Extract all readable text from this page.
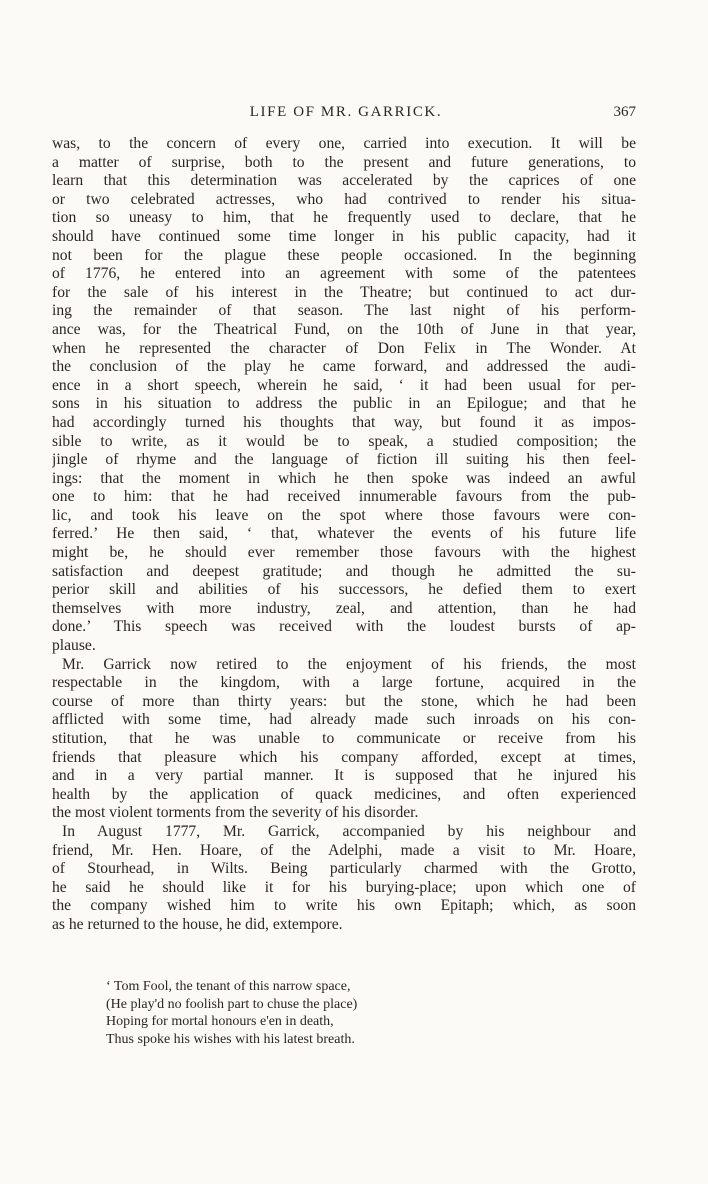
LIFE OF MR. GARRICK.	367
was, to the concern of every one, carried into execution. It will be
a matter of surprise, both to the present and future generations, to
learn that this determination was accelerated by the caprices of one
or two celebrated actresses, who had contrived to render his situa-
tion so uneasy to him, that he frequently used to declare, that he
should have continued some time longer in his public capacity, had it
not been for the plague these people occasioned. In the beginning
of 1776, he entered into an agreement with some of the patentees
for the sale of his interest in the Theatre; but continued to act dur-
ing the remainder of that season. The last night of his perform-
ance was, for the Theatrical Fund, on the 10th of June in that year,
when he represented the character of Don Felix in The Wonder. At
the conclusion of the play he came forward, and addressed the audi-
ence in a short speech, wherein he said, ‘ it had been usual for per-
sons in his situation to address the public in an Epilogue; and that he
had accordingly turned his thoughts that way, but found it as impos-
sible to write, as it would be to speak, a studied composition; the
jingle of rhyme and the language of fiction ill suiting his then feel-
ings: that the moment in which he then spoke was indeed an awful
one to him: that he had received innumerable favours from the pub-
lic, and took his leave on the spot where those favours were con-
ferred.’ He then said, ‘ that, whatever the events of his future life
might be, he should ever remember those favours with the highest
satisfaction and deepest gratitude; and though he admitted the su-
perior skill and abilities of his successors, he defied them to exert
themselves with more industry, zeal, and attention, than he had
done.’ This speech was received with the loudest bursts of ap-
plause.
Mr. Garrick now retired to the enjoyment of his friends, the most
respectable in the kingdom, with a large fortune, acquired in the
course of more than thirty years: but the stone, which he had been
afflicted with some time, had already made such inroads on his con-
stitution, that he was unable to communicate or receive from his
friends that pleasure which his company afforded, except at times,
and in a very partial manner. It is supposed that he injured his
health by the application of quack medicines, and often experienced
the most violent torments from the severity of his disorder.
In August 1777, Mr. Garrick, accompanied by his neighbour and
friend, Mr. Hen. Hoare, of the Adelphi, made a visit to Mr. Hoare,
of Stourhead, in Wilts. Being particularly charmed with the Grotto,
he said he should like it for his burying-place; upon which one of
the company wished him to write his own Epitaph; which, as soon
as he returned to the house, he did, extempore.
‘ Tom Fool, the tenant of this narrow space,
(He play'd no foolish part to chuse the place)
Hoping for mortal honours e'en in death,
Thus spoke his wishes with his latest breath.
